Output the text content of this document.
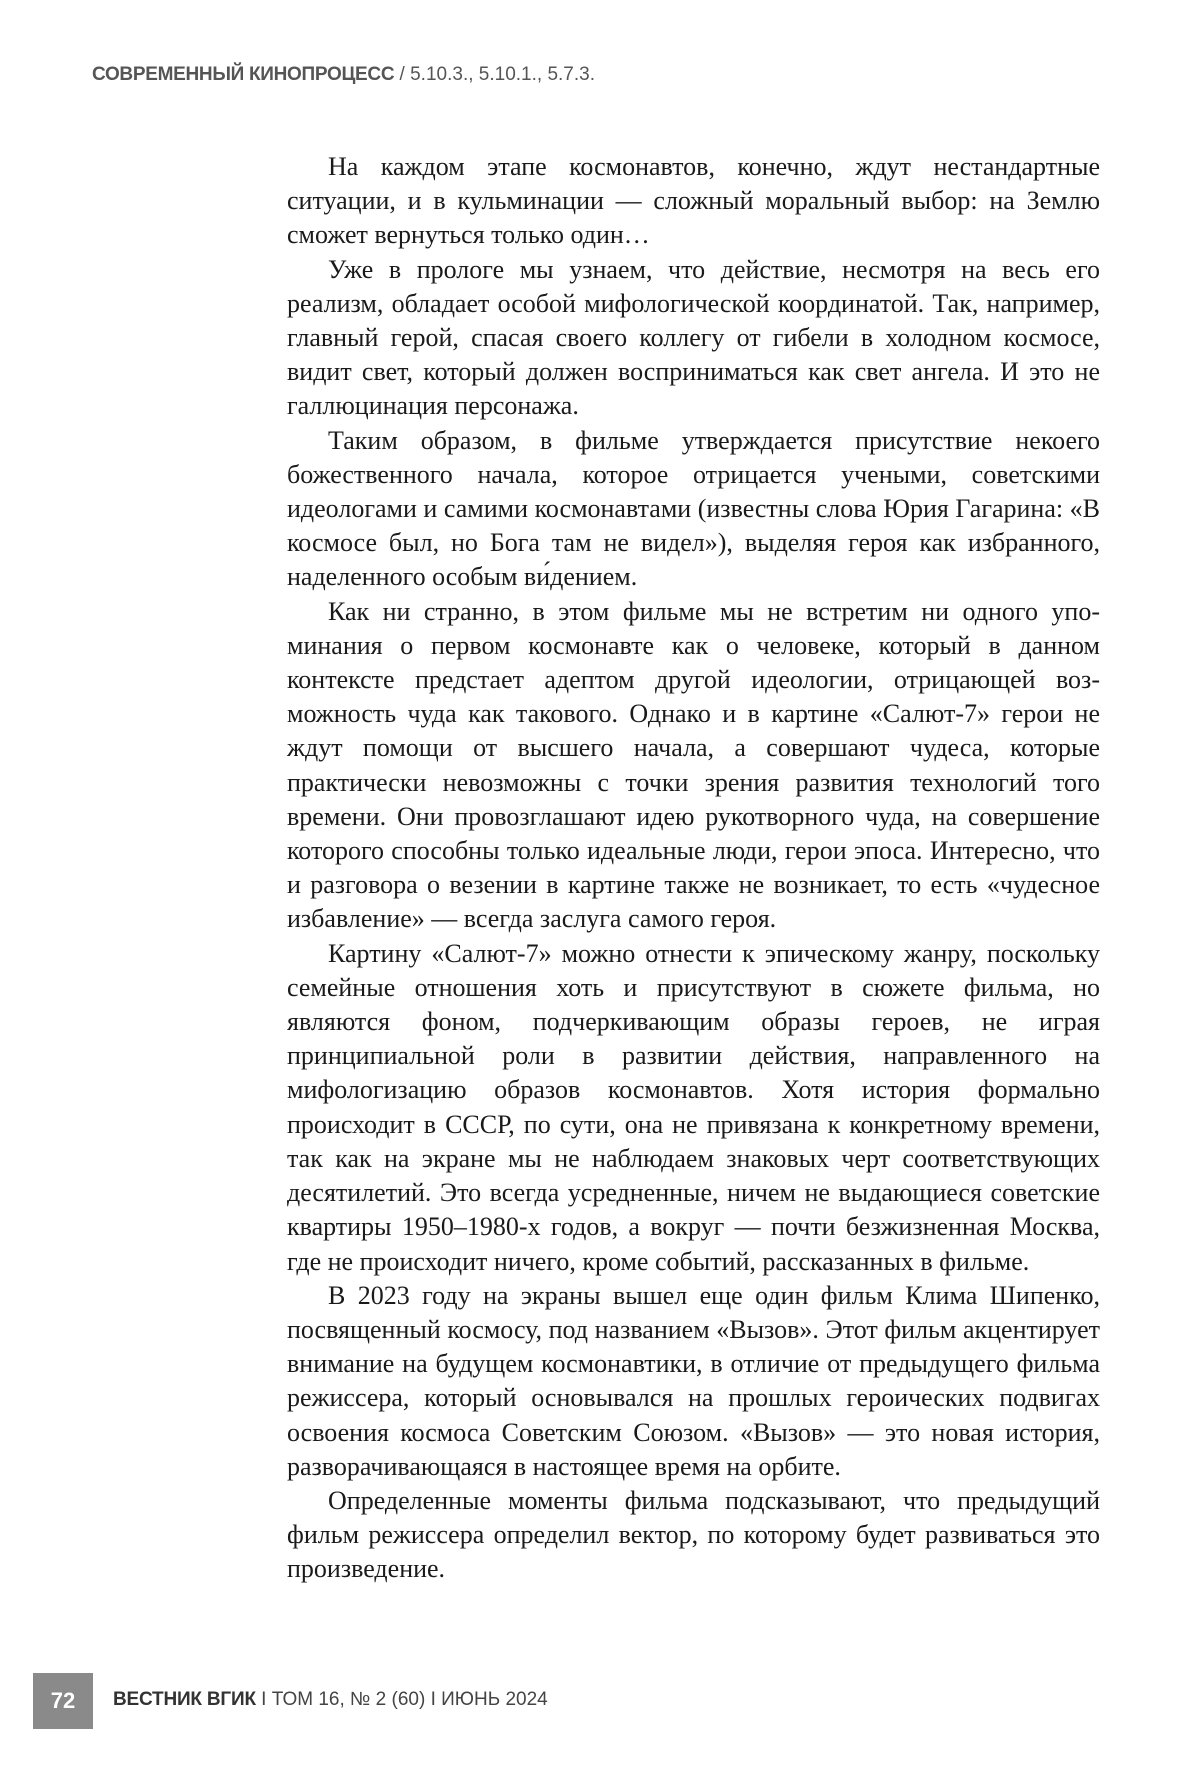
СОВРЕМЕННЫЙ КИНОПРОЦЕСС / 5.10.3., 5.10.1., 5.7.3.

На каждом этапе космонавтов, конечно, ждут нестандартные ситуации, и в кульминации — сложный моральный выбор: на Землю сможет вернуться только один…

Уже в прологе мы узнаем, что действие, несмотря на весь его реализм, обладает особой мифологической координатой. Так, например, главный герой, спасая своего коллегу от гибели в холодном космосе, видит свет, который должен восприниматься как свет ангела. И это не галлюцинация персонажа.

Таким образом, в фильме утверждается присутствие некоего божественного начала, которое отрицается учеными, советскими идеологами и самими космонавтами (известны слова Юрия Гагарина: «В космосе был, но Бога там не видел»), выделяя героя как избранного, наделенного особым ви́дением.

Как ни странно, в этом фильме мы не встретим ни одного упоминания о первом космонавте как о человеке, который в данном контексте предстает адептом другой идеологии, отрицающей возможность чуда как такового. Однако и в картине «Салют-7» герои не ждут помощи от высшего начала, а совершают чудеса, которые практически невозможны с точки зрения развития технологий того времени. Они провозглашают идею рукотворного чуда, на совершение которого способны только идеальные люди, герои эпоса. Интересно, что и разговора о везении в картине также не возникает, то есть «чудесное избавление» — всегда заслуга самого героя.

Картину «Салют-7» можно отнести к эпическому жанру, поскольку семейные отношения хоть и присутствуют в сюжете фильма, но являются фоном, подчеркивающим образы героев, не играя принципиальной роли в развитии действия, направленного на мифологизацию образов космонавтов. Хотя история формально происходит в СССР, по сути, она не привязана к конкретному времени, так как на экране мы не наблюдаем знаковых черт соответствующих десятилетий. Это всегда усредненные, ничем не выдающиеся советские квартиры 1950–1980-х годов, а вокруг — почти безжизненная Москва, где не происходит ничего, кроме событий, рассказанных в фильме.

В 2023 году на экраны вышел еще один фильм Клима Шипенко, посвященный космосу, под названием «Вызов». Этот фильм акцентирует внимание на будущем космонавтики, в отличие от предыдущего фильма режиссера, который основывался на прошлых героических подвигах освоения космоса Советским Союзом. «Вызов» — это новая история, разворачивающаяся в настоящее время на орбите.

Определенные моменты фильма подсказывают, что предыдущий фильм режиссера определил вектор, по которому будет развиваться это произведение.

72	ВЕСТНИК ВГИК I ТОМ 16, № 2 (60) I ИЮНЬ 2024
